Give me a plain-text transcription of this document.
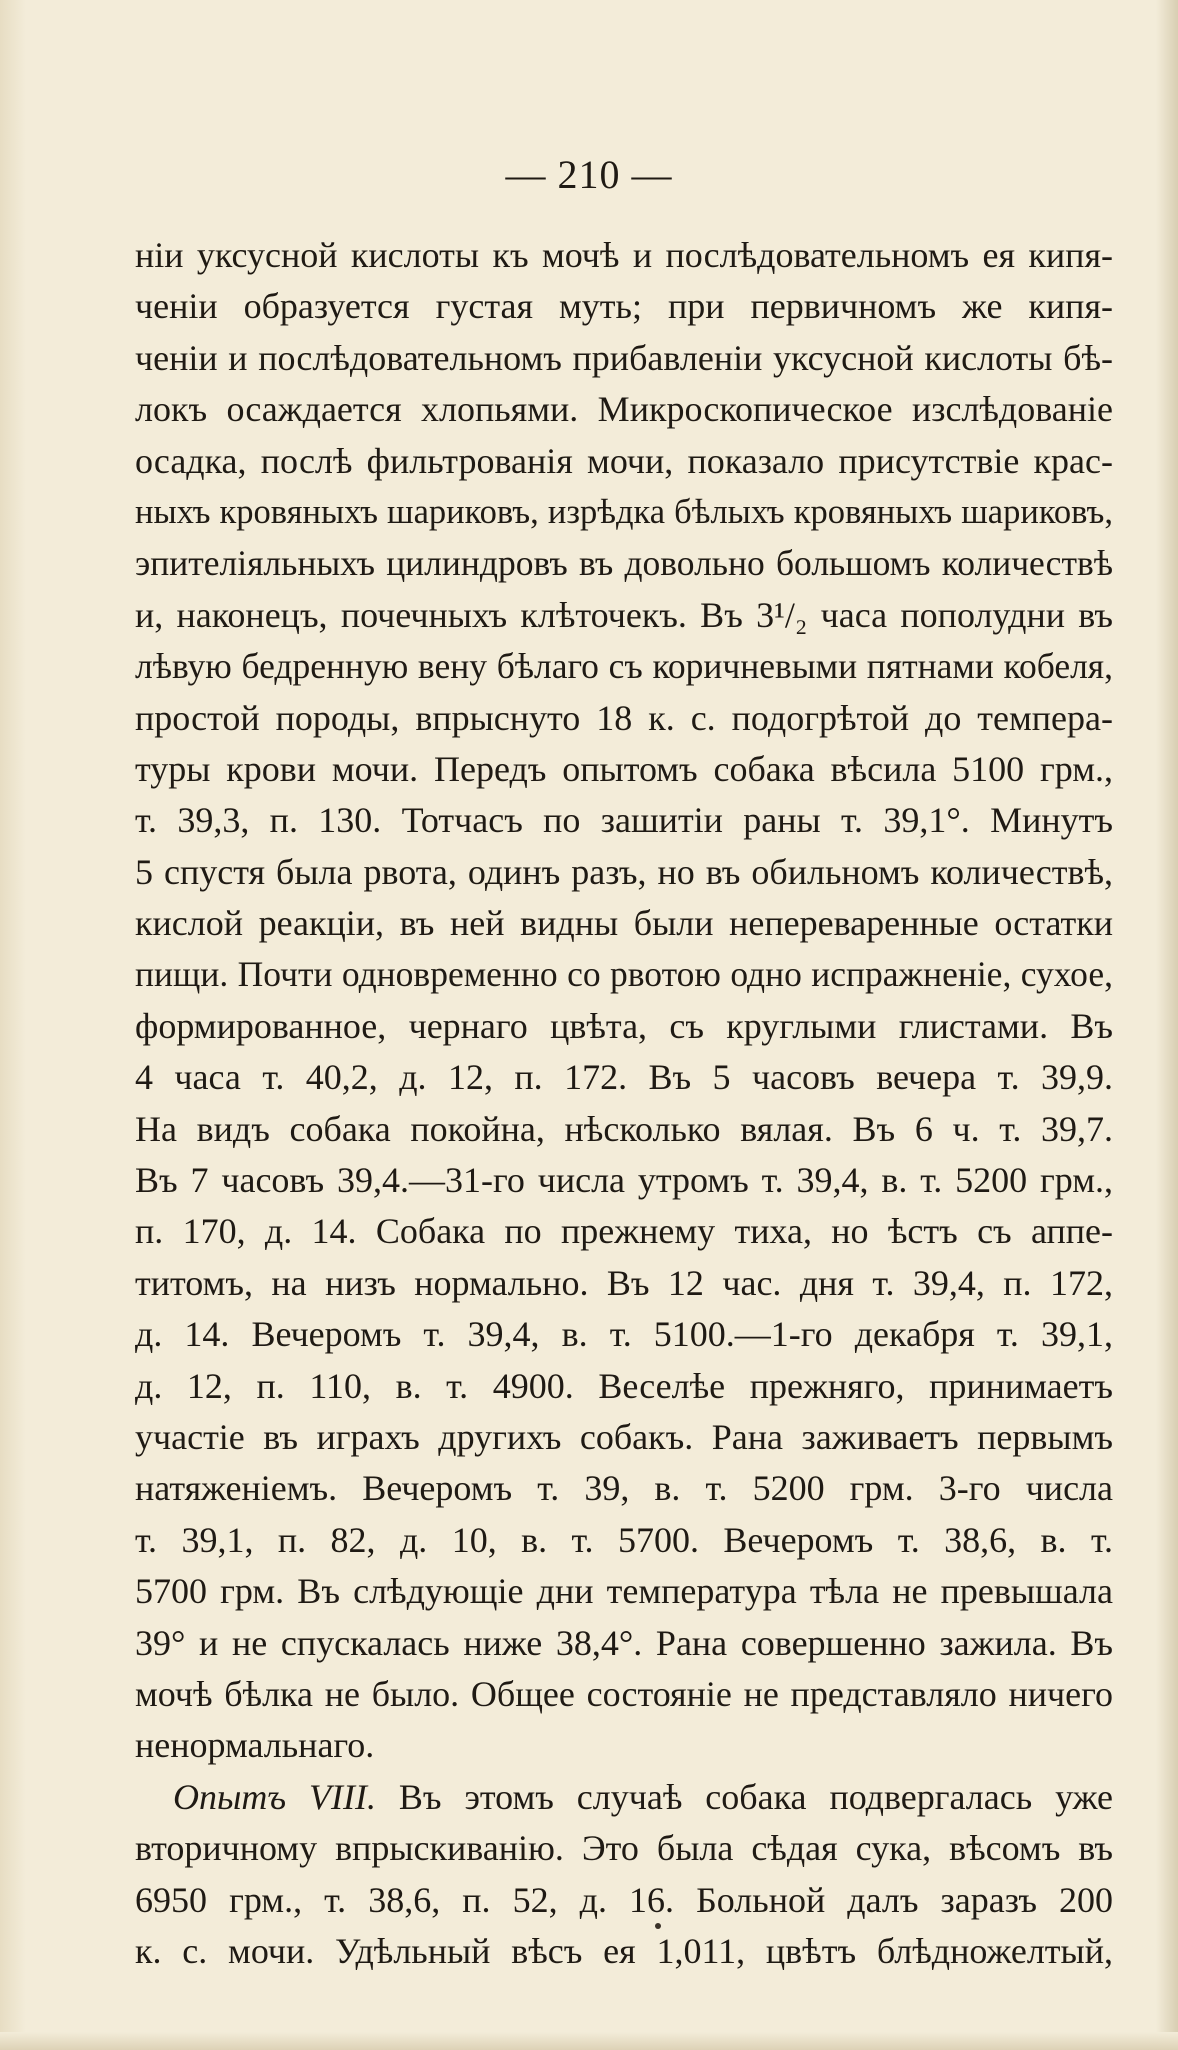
— 210 —
нiи уксусной кислоты къ мочѣ и послѣдовательномъ ея кипя-
ченiи образуется густая муть; при первичномъ же кипя-
ченiи и послѣдовательномъ прибавленiи уксусной кислоты бѣ-
локъ осаждается хлопьями. Микроскопическое изслѣдованiе
осадка, послѣ фильтрованiя мочи, показало присутствiе крас-
ныхъ кровяныхъ шариковъ, изрѣдка бѣлыхъ кровяныхъ шариковъ,
эпителiяльныхъ цилиндровъ въ довольно большомъ количествѣ
и, наконецъ, почечныхъ клѣточекъ. Въ 3¹/₂ часа пополудни въ
лѣвую бедренную вену бѣлаго съ коричневыми пятнами кобеля,
простой породы, впрыснуто 18 к. с. подогрѣтой до темпера-
туры крови мочи. Передъ опытомъ собака вѣсила 5100 грм.,
т. 39,3, п. 130. Тотчасъ по зашитiи раны т. 39,1°. Минутъ
5 спустя была рвота, одинъ разъ, но въ обильномъ количествѣ,
кислой реакцiи, въ ней видны были непереваренные остатки
пищи. Почти одновременно со рвотою одно испражненiе, сухое,
формированное, чернаго цвѣта, съ круглыми глистами. Въ
4 часа т. 40,2, д. 12, п. 172. Въ 5 часовъ вечера т. 39,9.
На видъ собака покойна, нѣсколько вялая. Въ 6 ч. т. 39,7.
Въ 7 часовъ 39,4.—31-го числа утромъ т. 39,4, в. т. 5200 грм.,
п. 170, д. 14. Собака по прежнему тиха, но ѣстъ съ аппе-
титомъ, на низъ нормально. Въ 12 час. дня т. 39,4, п. 172,
д. 14. Вечеромъ т. 39,4, в. т. 5100.—1-го декабря т. 39,1,
д. 12, п. 110, в. т. 4900. Веселѣе прежняго, принимаетъ
участiе въ играхъ другихъ собакъ. Рана заживаетъ первымъ
натяженiемъ. Вечеромъ т. 39, в. т. 5200 грм. 3-го числа
т. 39,1, п. 82, д. 10, в. т. 5700. Вечеромъ т. 38,6, в. т.
5700 грм. Въ слѣдующiе дни температура тѣла не превышала
39° и не спускалась ниже 38,4°. Рана совершенно зажила. Въ
мочѣ бѣлка не было. Общее состоянiе не представляло ничего
ненормальнаго.
Опытъ VIII. Въ этомъ случаѣ собака подвергалась уже
вторичному впрыскиванiю. Это была сѣдая сука, вѣсомъ въ
6950 грм., т. 38,6, п. 52, д. 16. Больной далъ заразъ 200
к. с. мочи. Удѣльный вѣсъ ея 1,011, цвѣтъ блѣдножелтый,
